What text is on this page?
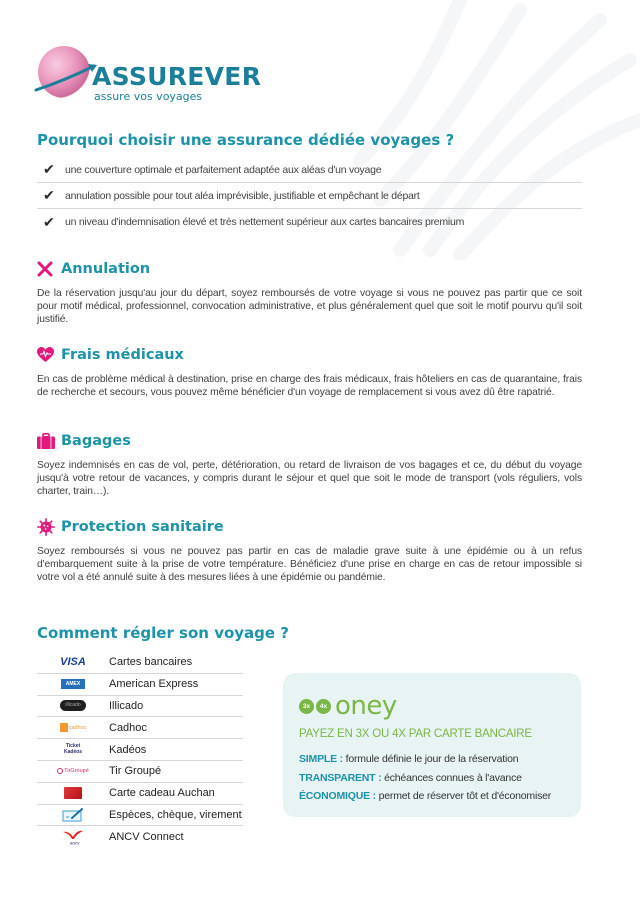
ASSUREVER
assure vos voyages
Pourquoi choisir une assurance dédiée voyages ?
✔ une couverture optimale et parfaitement adaptée aux aléas d'un voyage
✔ annulation possible pour tout aléa imprévisible, justifiable et empêchant le départ
✔ un niveau d'indemnisation élevé et très nettement supérieur aux cartes bancaires premium
Annulation

De la réservation jusqu'au jour du départ, soyez remboursés de votre voyage si vous ne pouvez pas partir que ce soit pour motif médical, professionnel, convocation administrative, et plus généralement quel que soit le motif pourvu qu'il soit justifié.

Frais médicaux

En cas de problème médical à destination, prise en charge des frais médicaux, frais hôteliers en cas de quarantaine, frais de recherche et secours, vous pouvez même bénéficier d'un voyage de remplacement si vous avez dû être rapatrié.

Bagages

Soyez indemnisés en cas de vol, perte, détérioration, ou retard de livraison de vos bagages et ce, du début du voyage jusqu'à votre retour de vacances, y compris durant le séjour et quel que soit le mode de transport (vols réguliers, vols charter, train…).

Protection sanitaire

Soyez remboursés si vous ne pouvez pas partir en cas de maladie grave suite à une épidémie ou à un refus d'embarquement suite à la prise de votre température. Bénéficiez d'une prise en charge en cas de retour impossible si votre vol a été annulé suite à des mesures liées à une épidémie ou pandémie.

Comment régler son voyage ?
VISA Cartes bancaires
AMEX	American Express
illicado	Illicado
cadhoc Cadhoc
Ticket Kadéos Kadéos
TirGroupé Tir Groupé
Carte cadeau Auchan
Espèces, chèque, virement
ancv	ANCV Connect
3x	4x oney
PAYEZ EN 3X OU 4X PAR CARTE BANCAIRE
SIMPLE : formule définie le jour de la réservation
TRANSPARENT : échéances connues à l'avance
ÉCONOMIQUE : permet de réserver tôt et d'économiser
